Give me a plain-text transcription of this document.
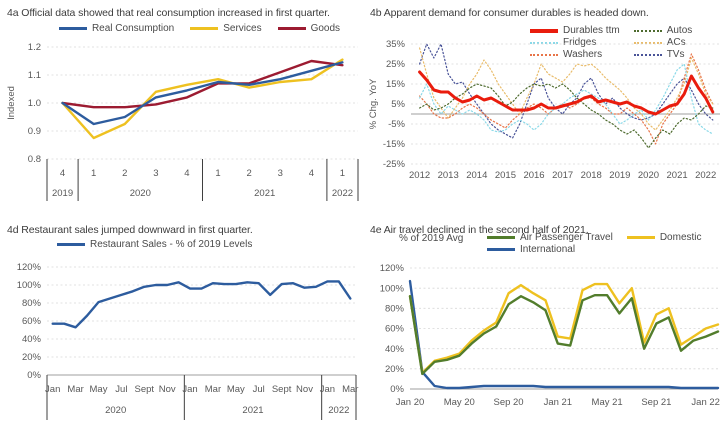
4a Official data showed that real consumption increased in first quarter.
Real Consumption	Services	Goods
0.8
0.9
1.0
1.1
1.2
Indexed
4	1	2	3	4	1	2	3	4	1
2019	2020	2021	2022
4b Apparent demand for consumer durables is headed down.
Durables ttm	Autos
Fridges	ACs
Washers	TVs
-25%
-15%
-5%
5%
15%
25%
35%
% Chg. YoY
2012 2013 2014 2015 2016 2017 2018 2019 2020 2021 2022
4d Restaurant sales jumped downward in first quarter.
Restaurant Sales - % of 2019 Levels
0%
20%
40%
60%
80%
100%
120%
Jan Mar May Jul Sept Nov Jan Mar May Jul Sept Nov Jan Mar
2020	2021	2022
4e Air travel declined in the second half of 2021.
% of 2019 Avg	Air Passenger Travel	Domestic
International
0%
20%
40%
60%
80%
100%
120%
Jan 20 May 20 Sep 20 Jan 21 May 21 Sep 21 Jan 22
